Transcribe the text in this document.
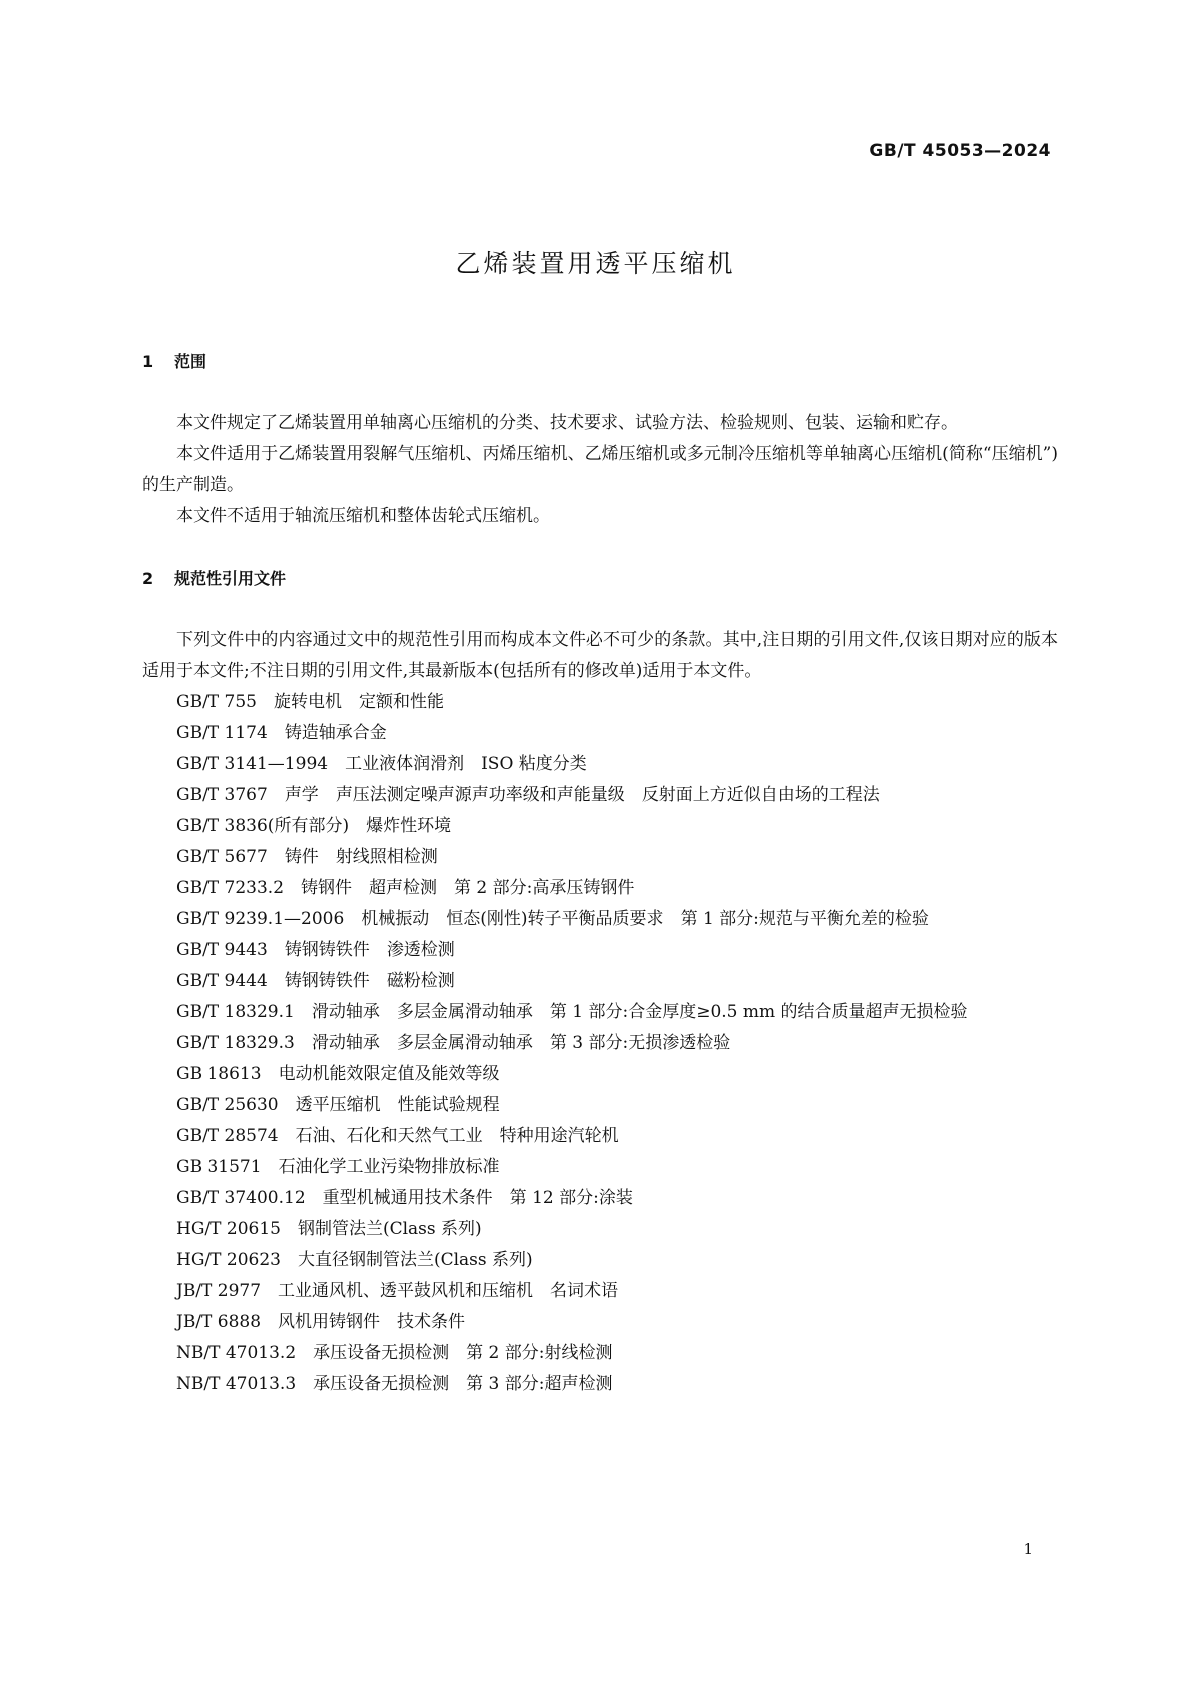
GB/T 45053—2024
乙烯装置用透平压缩机
1 范围

本文件规定了乙烯装置用单轴离心压缩机的分类、技术要求、试验方法、检验规则、包装、运输和贮存。

本文件适用于乙烯装置用裂解气压缩机、丙烯压缩机、乙烯压缩机或多元制冷压缩机等单轴离心压缩机(简称“压缩机”)的生产制造。

本文件不适用于轴流压缩机和整体齿轮式压缩机。

2 规范性引用文件

下列文件中的内容通过文中的规范性引用而构成本文件必不可少的条款。其中,注日期的引用文件,仅该日期对应的版本适用于本文件;不注日期的引用文件,其最新版本(包括所有的修改单)适用于本文件。

GB/T 755 旋转电机 定额和性能

GB/T 1174 铸造轴承合金

GB/T 3141—1994 工业液体润滑剂 ISO 粘度分类

GB/T 3767 声学 声压法测定噪声源声功率级和声能量级 反射面上方近似自由场的工程法

GB/T 3836(所有部分) 爆炸性环境

GB/T 5677 铸件 射线照相检测

GB/T 7233.2 铸钢件 超声检测 第 2 部分:高承压铸钢件

GB/T 9239.1—2006 机械振动 恒态(刚性)转子平衡品质要求 第 1 部分:规范与平衡允差的检验

GB/T 9443 铸钢铸铁件 渗透检测

GB/T 9444 铸钢铸铁件 磁粉检测

GB/T 18329.1 滑动轴承 多层金属滑动轴承 第 1 部分:合金厚度≥0.5 mm 的结合质量超声无损检验

GB/T 18329.3 滑动轴承 多层金属滑动轴承 第 3 部分:无损渗透检验

GB 18613 电动机能效限定值及能效等级

GB/T 25630 透平压缩机 性能试验规程

GB/T 28574 石油、石化和天然气工业 特种用途汽轮机

GB 31571 石油化学工业污染物排放标准

GB/T 37400.12 重型机械通用技术条件 第 12 部分:涂装

HG/T 20615 钢制管法兰(Class 系列)

HG/T 20623 大直径钢制管法兰(Class 系列)

JB/T 2977 工业通风机、透平鼓风机和压缩机 名词术语

JB/T 6888 风机用铸钢件 技术条件

NB/T 47013.2 承压设备无损检测 第 2 部分:射线检测

NB/T 47013.3 承压设备无损检测 第 3 部分:超声检测

1
